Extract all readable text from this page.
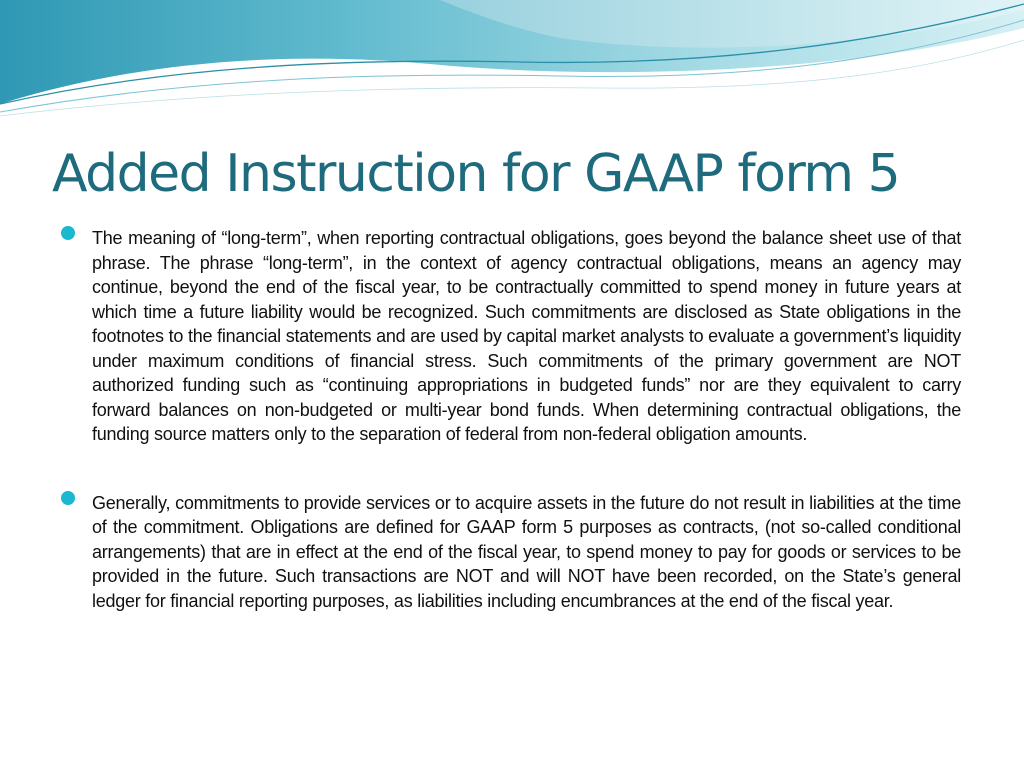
Added Instruction for GAAP form 5
The meaning of “long-term”, when reporting contractual obligations, goes beyond the balance sheet use of that phrase. The phrase “long-term”, in the context of agency contractual obligations, means an agency may continue, beyond the end of the fiscal year, to be contractually committed to spend money in future years at which time a future liability would be recognized. Such commitments are disclosed as State obligations in the footnotes to the financial statements and are used by capital market analysts to evaluate a government’s liquidity under maximum conditions of financial stress. Such commitments of the primary government are NOT authorized funding such as “continuing appropriations in budgeted funds” nor are they equivalent to carry forward balances on non-budgeted or multi-year bond funds. When determining contractual obligations, the funding source matters only to the separation of federal from non-federal obligation amounts.
Generally, commitments to provide services or to acquire assets in the future do not result in liabilities at the time of the commitment. Obligations are defined for GAAP form 5 purposes as contracts, (not so-called conditional arrangements) that are in effect at the end of the fiscal year, to spend money to pay for goods or services to be provided in the future. Such transactions are NOT and will NOT have been recorded, on the State’s general ledger for financial reporting purposes, as liabilities including encumbrances at the end of the fiscal year.
